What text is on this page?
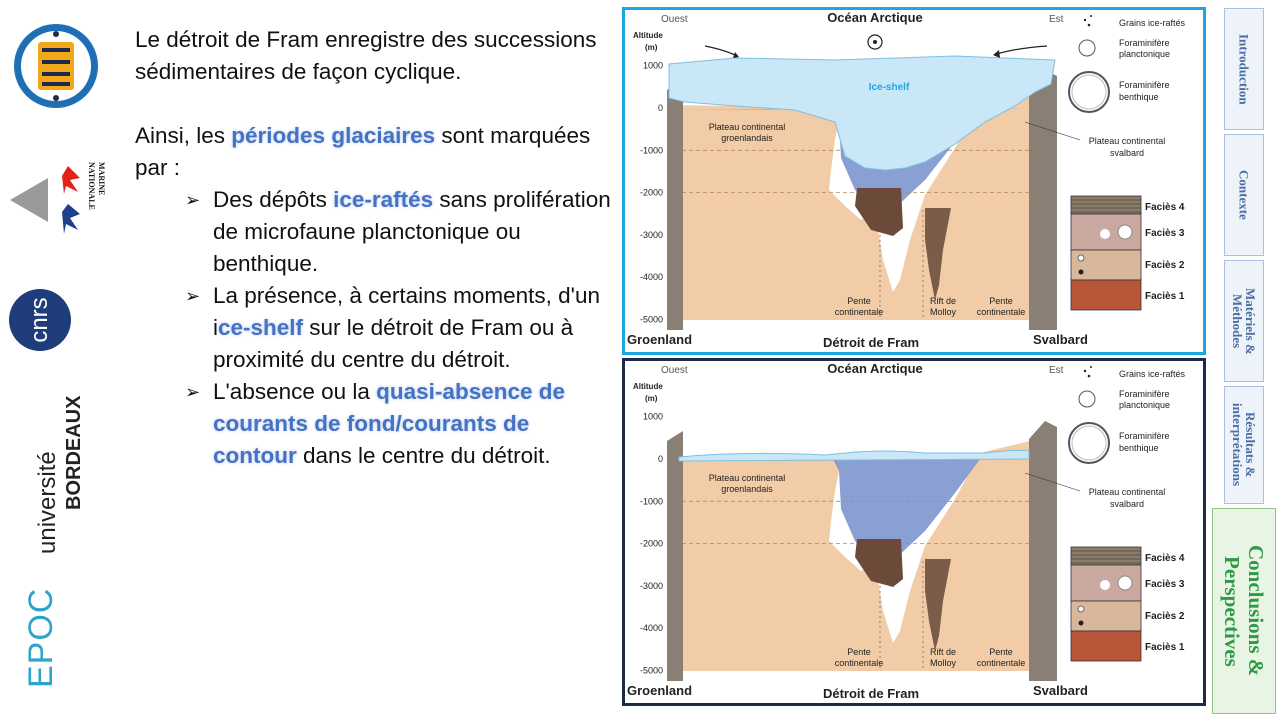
MARINE
NATIONALE
cnrs
université BORDEAUX
EPOC

Le détroit de Fram enregistre des successions sédimentaires de façon cyclique.

Ainsi, les périodes glaciaires sont marquées par :

➢ Des dépôts ice-raftés sans prolifération de microfaune planctonique ou benthique.
➢ La présence, à certains moments, d'un ice-shelf sur le détroit de Fram ou à proximité du centre du détroit.
➢ L'absence ou la quasi-absence de courants de fond/courants de contour dans le centre du détroit.
Ice-shelf
Altitude
(m)
1000
0
-1000
-2000
-3000
-4000
-5000
Ouest	Océan Arctique	Est
Plateau continental
groenlandais	Plateau continental
svalbard
Pente
continentale
Rift de
Molloy
Pente
continentale
Groenland	Détroit de Fram	Svalbard
Grains ice-raftés
Foraminifère
planctonique
Foraminifère
benthique
Faciès 4
Faciès 3
Faciès 2
Faciès 1
Altitude
(m)
1000
0
-1000
-2000
-3000
-4000
-5000
Ouest	Océan Arctique	Est
Plateau continental
groenlandais	Plateau continental
svalbard
Pente
continentale
Rift de
Molloy
Pente
continentale
Groenland	Détroit de Fram	Svalbard
Grains ice-raftés
Foraminifère
planctonique
Foraminifère
benthique
Faciès 4
Faciès 3
Faciès 2
Faciès 1
Introduction
Contexte
Matériels & Méthodes
Résultats & interprétations
Conclusions & Perspectives
